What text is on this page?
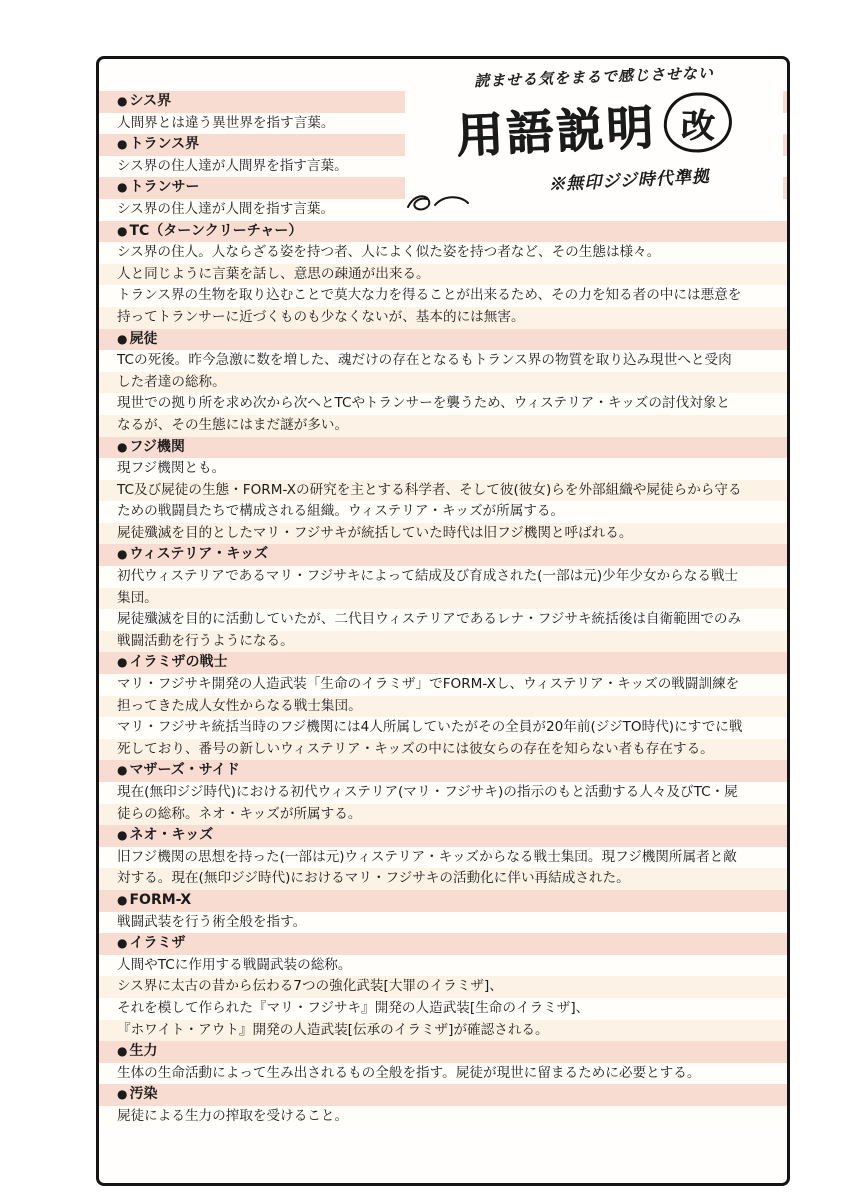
読ませる気をまるで感じさせない
用語説明 改
※無印ジジ時代準拠
● シス界
人間界とは違う異世界を指す言葉。
● トランス界
シス界の住人達が人間界を指す言葉。
● トランサー
シス界の住人達が人間を指す言葉。
● TC（ターンクリーチャー）
シス界の住人。人ならざる姿を持つ者、人によく似た姿を持つ者など、その生態は様々。
人と同じように言葉を話し、意思の疎通が出来る。
トランス界の生物を取り込むことで莫大な力を得ることが出来るため、その力を知る者の中には悪意を
持ってトランサーに近づくものも少なくないが、基本的には無害。
● 屍徒
TCの死後。昨今急激に数を増した、魂だけの存在となるもトランス界の物質を取り込み現世へと受肉
した者達の総称。
現世での拠り所を求め次から次へとTCやトランサーを襲うため、ウィステリア・キッズの討伐対象と
なるが、その生態にはまだ謎が多い。
● フジ機関
現フジ機関とも。
TC及び屍徒の生態・FORM-Xの研究を主とする科学者、そして彼(彼女)らを外部組織や屍徒らから守る
ための戦闘員たちで構成される組織。ウィステリア・キッズが所属する。
屍徒殲滅を目的としたマリ・フジサキが統括していた時代は旧フジ機関と呼ばれる。
● ウィステリア・キッズ
初代ウィステリアであるマリ・フジサキによって結成及び育成された(一部は元)少年少女からなる戦士
集団。
屍徒殲滅を目的に活動していたが、二代目ウィステリアであるレナ・フジサキ統括後は自衛範囲でのみ
戦闘活動を行うようになる。
● イラミザの戦士
マリ・フジサキ開発の人造武装「生命のイラミザ」でFORM-Xし、ウィステリア・キッズの戦闘訓練を
担ってきた成人女性からなる戦士集団。
マリ・フジサキ統括当時のフジ機関には4人所属していたがその全員が20年前(ジジTO時代)にすでに戦
死しており、番号の新しいウィステリア・キッズの中には彼女らの存在を知らない者も存在する。
● マザーズ・サイド
現在(無印ジジ時代)における初代ウィステリア(マリ・フジサキ)の指示のもと活動する人々及びTC・屍
徒らの総称。ネオ・キッズが所属する。
● ネオ・キッズ
旧フジ機関の思想を持った(一部は元)ウィステリア・キッズからなる戦士集団。現フジ機関所属者と敵
対する。現在(無印ジジ時代)におけるマリ・フジサキの活動化に伴い再結成された。
● FORM-X
戦闘武装を行う術全般を指す。
● イラミザ
人間やTCに作用する戦闘武装の総称。
シス界に太古の昔から伝わる7つの強化武装[大罪のイラミザ]、
それを模して作られた『マリ・フジサキ』開発の人造武装[生命のイラミザ]、
『ホワイト・アウト』開発の人造武装[伝承のイラミザ]が確認される。
● 生力
生体の生命活動によって生み出されるもの全般を指す。屍徒が現世に留まるために必要とする。
● 汚染
屍徒による生力の搾取を受けること。
